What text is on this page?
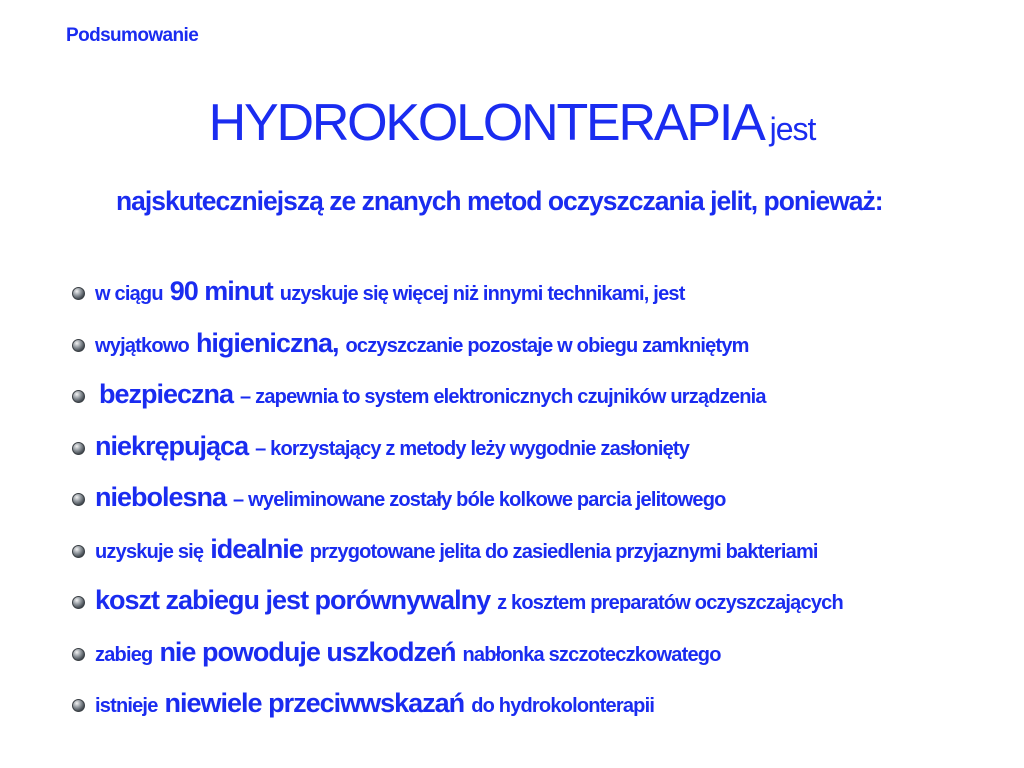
Podsumowanie
HYDROKOLONTERAPIA jest
najskuteczniejszą ze znanych metod oczyszczania jelit, ponieważ:
w ciągu 90 minut uzyskuje się więcej niż innymi technikami, jest
wyjątkowo higieniczna, oczyszczanie pozostaje w obiegu zamkniętym
bezpieczna – zapewnia to system elektronicznych czujników urządzenia
niekrępująca – korzystający z metody leży wygodnie zasłonięty
niebolesna – wyeliminowane zostały bóle kolkowe parcia jelitowego
uzyskuje się idealnie przygotowane jelita do zasiedlenia przyjaznymi bakteriami
koszt zabiegu jest porównywalny z kosztem preparatów oczyszczających
zabieg nie powoduje uszkodzeń nabłonka szczoteczkowatego
istnieje niewiele przeciwwskazań do hydrokolonterapii
